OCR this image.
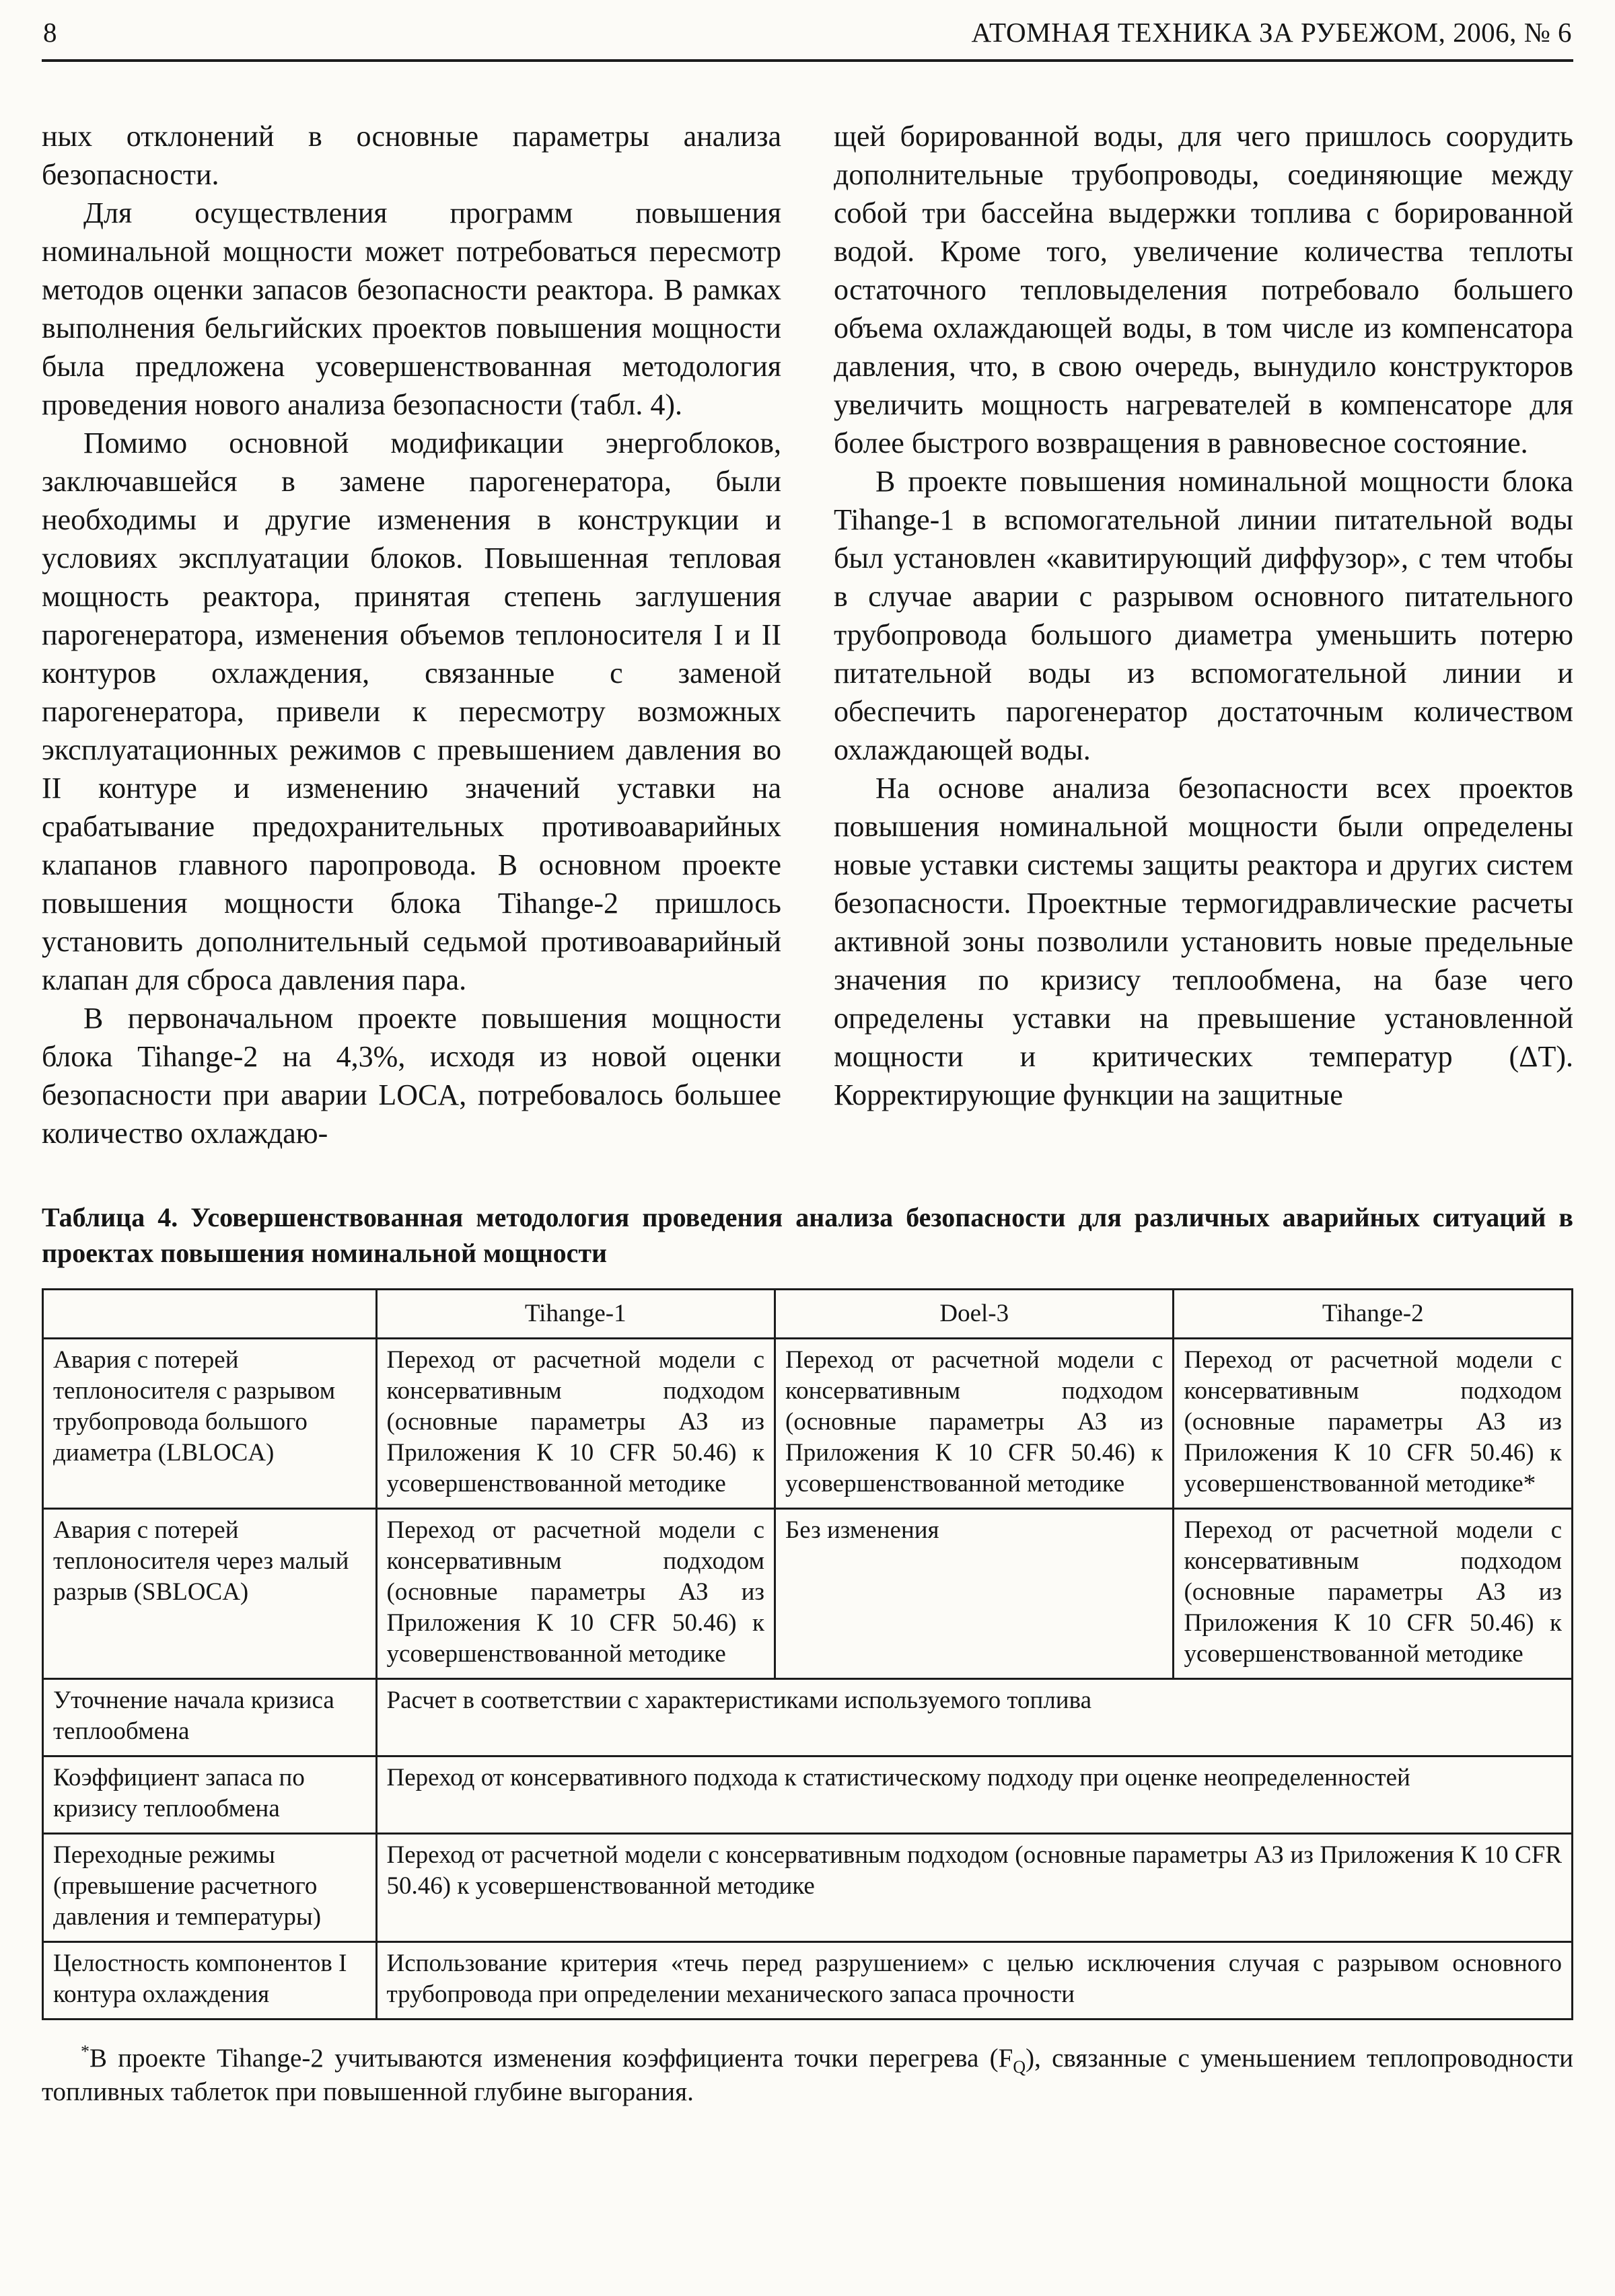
8	АТОМНАЯ ТЕХНИКА ЗА РУБЕЖОМ, 2006, № 6

ных отклонений в основные параметры анализа безопасности.

Для осуществления программ повышения номинальной мощности может потребоваться пересмотр методов оценки запасов безопасности реактора. В рамках выполнения бельгийских проектов повышения мощности была предложена усовершенствованная методология проведения нового анализа безопасности (табл. 4).

Помимо основной модификации энергоблоков, заключавшейся в замене парогенератора, были необходимы и другие изменения в конструкции и условиях эксплуатации блоков. Повышенная тепловая мощность реактора, принятая степень заглушения парогенератора, изменения объемов теплоносителя I и II контуров охлаждения, связанные с заменой парогенератора, привели к пересмотру возможных эксплуатационных режимов с превышением давления во II контуре и изменению значений уставки на срабатывание предохранительных противоаварийных клапанов главного паропровода. В основном проекте повышения мощности блока Tihange-2 пришлось установить дополнительный седьмой противоаварийный клапан для сброса давления пара.

В первоначальном проекте повышения мощности блока Tihange-2 на 4,3%, исходя из новой оценки безопасности при аварии LOCA, потребовалось большее количество охлаждаю-

щей борированной воды, для чего пришлось соорудить дополнительные трубопроводы, соединяющие между собой три бассейна выдержки топлива с борированной водой. Кроме того, увеличение количества теплоты остаточного тепловыделения потребовало большего объема охлаждающей воды, в том числе из компенсатора давления, что, в свою очередь, вынудило конструкторов увеличить мощность нагревателей в компенсаторе для более быстрого возвращения в равновесное состояние.

В проекте повышения номинальной мощности блока Tihange-1 в вспомогательной линии питательной воды был установлен «кавитирующий диффузор», с тем чтобы в случае аварии с разрывом основного питательного трубопровода большого диаметра уменьшить потерю питательной воды из вспомогательной линии и обеспечить парогенератор достаточным количеством охлаждающей воды.

На основе анализа безопасности всех проектов повышения номинальной мощности были определены новые уставки системы защиты реактора и других систем безопасности. Проектные термогидравлические расчеты активной зоны позволили установить новые предельные значения по кризису теплообмена, на базе чего определены уставки на превышение установленной мощности и критических температур (ΔT). Корректирующие функции на защитные

Таблица 4. Усовершенствованная методология проведения анализа безопасности для различных аварийных ситуаций в проектах повышения номинальной мощности
	Tihange-1	Doel-3	Tihange-2
Авария с потерей теплоносителя с разрывом трубопровода большого диаметра (LBLOCA)	Переход от расчетной модели с консервативным подходом (основные параметры АЗ из Приложения К 10 CFR 50.46) к усовершенствованной методике	Переход от расчетной модели с консервативным подходом (основные параметры АЗ из Приложения К 10 CFR 50.46) к усовершенствованной методике	Переход от расчетной модели с консервативным подходом (основные параметры АЗ из Приложения К 10 CFR 50.46) к усовершенствованной методике*
Авария с потерей теплоносителя через малый разрыв (SBLOCA)	Переход от расчетной модели с консервативным подходом (основные параметры АЗ из Приложения К 10 CFR 50.46) к усовершенствованной методике	Без изменения	Переход от расчетной модели с консервативным подходом (основные параметры АЗ из Приложения К 10 CFR 50.46) к усовершенствованной методике
Уточнение начала кризиса теплообмена	Расчет в соответствии с характеристиками используемого топлива		
Коэффициент запаса по кризису теплообмена	Переход от консервативного подхода к статистическому подходу при оценке неопределенностей		
Переходные режимы (превышение расчетного давления и температуры)	Переход от расчетной модели с консервативным подходом (основные параметры АЗ из Приложения К 10 CFR 50.46) к усовершенствованной методике		
Целостность компонентов I контура охлаждения	Использование критерия «течь перед разрушением» с целью исключения случая с разрывом основного трубопровода при определении механического запаса прочности		
*В проекте Tihange-2 учитываются изменения коэффициента точки перегрева $(F_Q)$, связанные с уменьшением теплопроводности топливных таблеток при повышенной глубине выгорания.
